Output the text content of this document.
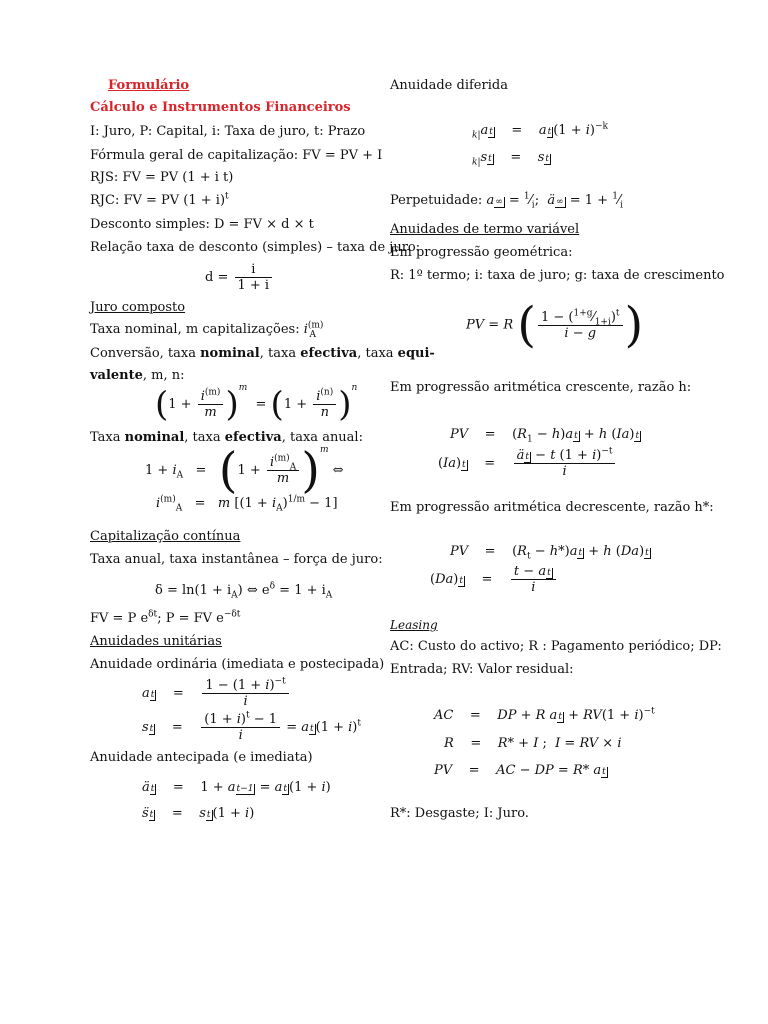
Formulário
Cálculo e Instrumentos Financeiros
I: Juro, P: Capital, i: Taxa de juro, t: Prazo
Fórmula geral de capitalização: FV = PV + I
RJS: FV = PV (1 + i t)
RJC: FV = PV $(1 + i)^t$
Desconto simples: D = FV × d × t
Relação taxa de desconto (simples) – taxa de juro:
$d = \frac{i}{1 + i}$
Juro composto
Taxa nominal, m capitalizações: $i^{(m)}_A$
Conversão, taxa nominal, taxa efectiva, taxa equi-
valente, m, n:
$(1 + \frac{i^{(m)}}{m} )^m = (1 + \frac{i^{(n)}}{n} )^n$
Taxa nominal, taxa efectiva, taxa anual:
$1 + i_A = (1 + \frac{i^{(m)}_A}{m} )^m$ ⇔
$i^{(m)}_A = m$ $[(1 + i_A)^{1/m} - 1]$
Capitalização contínua
Taxa anual, taxa instantânea – força de juro:
$\delta = \ln(1 + i_A)$ ⇔ $e^\delta = 1 + i_A$
FV = P $e^{\delta t}$; P = FV $e^{-\delta t}$
Anuidades unitárias
Anuidade ordinária (imediata e postecipada)
at    = $\frac{1 - (1 + i)^{-t}}{i}$
st    = $\frac{(1 + i)^t - 1}{i}$ = at $(1 + i)^t$
Anuidade antecipada (e imediata)
ät    =    1 + at−1 = at (1 + i)
s̈t    =    st (1 + i)
Anuidade diferida
$_{k|}$at    =    at $(1 + i)^{-k}$
$_{k|}$st    =    st
Perpetuidade: $a\infty = ^1⁄_i$;  ä∞ = $1 + ^1⁄_i$
Anuidades de termo variável
Em progressão geométrica:
R: 1º termo; i: taxa de juro; g: taxa de crescimento
PV = R ( $\frac{1 - (^{1+g}⁄_{1+i})^t}{i - g}$ )
Em progressão aritmética crescente, razão h:
PV    =    $(R_1 - h)at + h$ (Ia)t
(Ia)t    = $\frac{ät - t (1 + i)^{-t}}{i}$
Em progressão aritmética decrescente, razão h*:
PV    =    $(R_t - h*)at + h$ (Da)t
(Da)t    = $\frac{t - at}{i}$
Leasing
AC: Custo do activo; R : Pagamento periódico; DP:
Entrada; RV: Valor residual:
AC    =    DP + R at + $RV(1 + i)^{-t}$
R    =    R* + I ;  I = RV × i
PV    =    AC − DP = R* at
R*: Desgaste; I: Juro.
